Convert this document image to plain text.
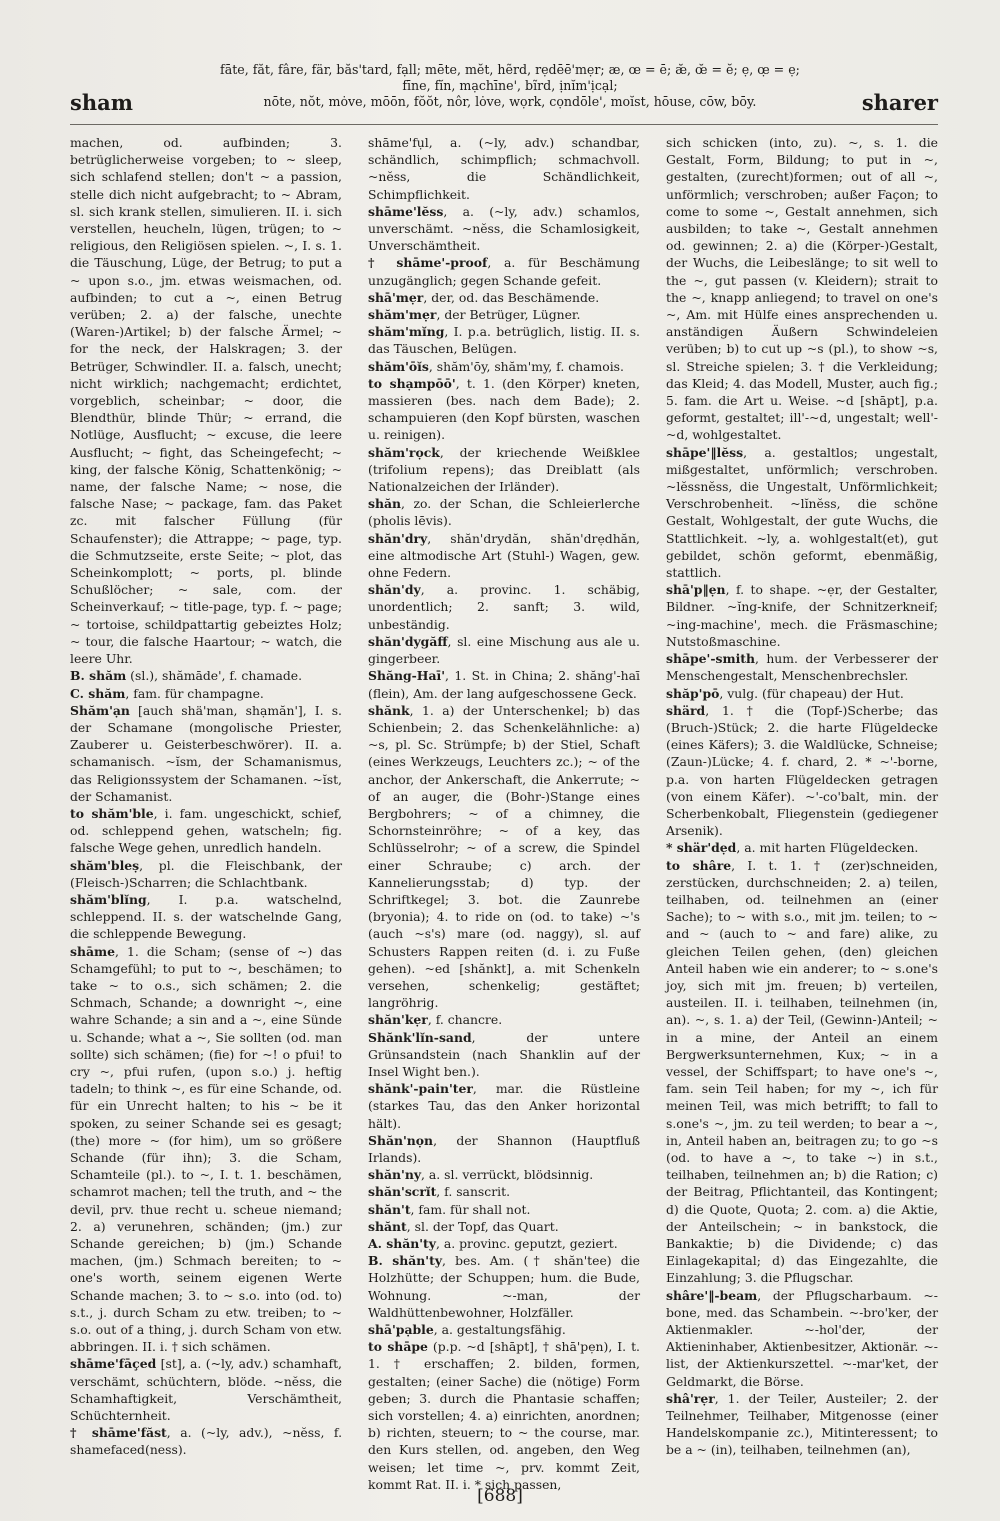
sham
fāte, făt, fâre, fär, băs'tard, fạll; mēte, mĕt, hẽrd, rẹdēē'mẹr; æ, œ = ē; æ̆, œ̆ = ĕ; ẹ, œ̣ = ẹ;
fīne, fĭn, mạchīne', bĩrd, ịnĭm'ịcạl;
nōte, nŏt, mȯve, mōōn, fŏŏt, nôr, lȯve, wọrk, cọndōle', moĭst, hōuse, cōw, bōy.	sharer

machen, od. aufbinden; 3. betrüglicherweise vorgeben; to ~ sleep, sich schlafend stellen; don't ~ a passion, stelle dich nicht aufgebracht; to ~ Abram, sl. sich krank stellen, simulieren. II. i. sich verstellen, heucheln, lügen, trügen; to ~ religious, den Religiösen spielen. ~, I. s. 1. die Täuschung, Lüge, der Betrug; to put a ~ upon s.o., jm. etwas weismachen, od. aufbinden; to cut a ~, einen Betrug verüben; 2. a) der falsche, unechte (Waren-)Artikel; b) der falsche Ärmel; ~ for the neck, der Halskragen; 3. der Betrüger, Schwindler. II. a. falsch, unecht; nicht wirklich; nachgemacht; erdichtet, vorgeblich, scheinbar; ~ door, die Blendthür, blinde Thür; ~ errand, die Notlüge, Ausflucht; ~ excuse, die leere Ausflucht; ~ fight, das Scheingefecht; ~ king, der falsche König, Schattenkönig; ~ name, der falsche Name; ~ nose, die falsche Nase; ~ package, fam. das Paket zc. mit falscher Füllung (für Schaufenster); die Attrappe; ~ page, typ. die Schmutzseite, erste Seite; ~ plot, das Scheinkomplott; ~ ports, pl. blinde Schußlöcher; ~ sale, com. der Scheinverkauf; ~ title-page, typ. f. ~ page; ~ tortoise, schildpattartig gebeiztes Holz; ~ tour, die falsche Haartour; ~ watch, die leere Uhr.

B. shăm (sl.), shămāde', f. chamade.

C. shăm, fam. für champagne.

Shăm'ạn [auch shä'man, shạmăn'], I. s. der Schamane (mongolische Priester, Zauberer u. Geisterbeschwörer). II. a. schamanisch. ~ĭsm, der Schamanismus, das Religionssystem der Schamanen. ~ĭst, der Schamanist.

to shăm'ble, i. fam. ungeschickt, schief, od. schleppend gehen, watscheln; fig. falsche Wege gehen, unredlich handeln.

shăm'bleṣ, pl. die Fleischbank, der (Fleisch-)Scharren; die Schlachtbank.

shăm'blĭng, I. p.a. watschelnd, schleppend. II. s. der watschelnde Gang, die schleppende Bewegung.

shāme, 1. die Scham; (sense of ~) das Schamgefühl; to put to ~, beschämen; to take ~ to o.s., sich schämen; 2. die Schmach, Schande; a downright ~, eine wahre Schande; a sin and a ~, eine Sünde u. Schande; what a ~, Sie sollten (od. man sollte) sich schämen; (fie) for ~! o pfui! to cry ~, pfui rufen, (upon s.o.) j. heftig tadeln; to think ~, es für eine Schande, od. für ein Unrecht halten; to his ~ be it spoken, zu seiner Schande sei es gesagt; (the) more ~ (for him), um so größere Schande (für ihn); 3. die Scham, Schamteile (pl.). to ~, I. t. 1. beschämen, schamrot machen; tell the truth, and ~ the devil, prv. thue recht u. scheue niemand; 2. a) verunehren, schänden; (jm.) zur Schande gereichen; b) (jm.) Schande machen, (jm.) Schmach bereiten; to ~ one's worth, seinem eigenen Werte Schande machen; 3. to ~ s.o. into (od. to) s.t., j. durch Scham zu etw. treiben; to ~ s.o. out of a thing, j. durch Scham von etw. abbringen. II. i. † sich schämen.

shāme'fāçed [st], a. (~ly, adv.) schamhaft, verschämt, schüchtern, blöde. ~nĕss, die Schamhaftigkeit, Verschämtheit, Schüchternheit.

† shāme'făst, a. (~ly, adv.), ~nĕss, f. shamefaced(ness).

shāme'fụl, a. (~ly, adv.) schandbar, schändlich, schimpflich; schmachvoll. ~nĕss, die Schändlichkeit, Schimpflichkeit.

shāme'lĕss, a. (~ly, adv.) schamlos, unverschämt. ~nĕss, die Schamlosigkeit, Unverschämtheit.

† shāme'-proof, a. für Beschämung unzugänglich; gegen Schande gefeit.

shā'mẹr, der, od. das Beschämende.

shăm'mẹr, der Betrüger, Lügner.

shăm'mĭng, I. p.a. betrüglich, listig. II. s. das Täuschen, Belügen.

shăm'ōĭs, shăm'ōy, shăm'my, f. chamois.

to shạmpōō', t. 1. (den Körper) kneten, massieren (bes. nach dem Bade); 2. schampuieren (den Kopf bürsten, waschen u. reinigen).

shăm'rọck, der kriechende Weißklee (trifolium repens); das Dreiblatt (als Nationalzeichen der Irländer).

shăn, zo. der Schan, die Schleierlerche (pholis lēvis).

shăn'dry, shăn'drydăn, shăn'drẹdhăn, eine altmodische Art (Stuhl-) Wagen, gew. ohne Federn.

shăn'dy, a. provinc. 1. schäbig, unordentlich; 2. sanft; 3. wild, unbeständig.

shăn'dygăff, sl. eine Mischung aus ale u. gingerbeer.

Shăng-Haī', 1. St. in China; 2. shăng'-haī (flein), Am. der lang aufgeschossene Geck.

shănk, 1. a) der Unterschenkel; b) das Schienbein; 2. das Schenkelähnliche: a) ~s, pl. Sc. Strümpfe; b) der Stiel, Schaft (eines Werkzeugs, Leuchters zc.); ~ of the anchor, der Ankerschaft, die Ankerrute; ~ of an auger, die (Bohr-)Stange eines Bergbohrers; ~ of a chimney, die Schornsteinröhre; ~ of a key, das Schlüsselrohr; ~ of a screw, die Spindel einer Schraube; c) arch. der Kannelierungsstab; d) typ. der Schriftkegel; 3. bot. die Zaunrebe (bryonia); 4. to ride on (od. to take) ~'s (auch ~s's) mare (od. naggy), sl. auf Schusters Rappen reiten (d. i. zu Fuße gehen). ~ed [shănkt], a. mit Schenkeln versehen, schenkelig; gestäftet; langröhrig.

shăn'kẹr, f. chancre.

Shănk'lĭn-sand, der untere Grünsandstein (nach Shanklin auf der Insel Wight ben.).

shănk'-pain'ter, mar. die Rüstleine (starkes Tau, das den Anker horizontal hält).

Shăn'nọn, der Shannon (Hauptfluß Irlands).

shăn'ny, a. sl. verrückt, blödsinnig.

shăn'scrĭt, f. sanscrit.

shăn't, fam. für shall not.

shănt, sl. der Topf, das Quart.

A. shăn'ty, a. provinc. geputzt, geziert.

B. shăn'ty, bes. Am. († shăn'tee) die Holzhütte; der Schuppen; hum. die Bude, Wohnung. ~-man, der Waldhüttenbewohner, Holzfäller.

shā'pạble, a. gestaltungsfähig.

to shāpe (p.p. ~d [shāpt], † shā'pẹn), I. t. 1. † erschaffen; 2. bilden, formen, gestalten; (einer Sache) die (nötige) Form geben; 3. durch die Phantasie schaffen; sich vorstellen; 4. a) einrichten, anordnen; b) richten, steuern; to ~ the course, mar. den Kurs stellen, od. angeben, den Weg weisen; let time ~, prv. kommt Zeit, kommt Rat. II. i. * sich passen,

sich schicken (into, zu). ~, s. 1. die Gestalt, Form, Bildung; to put in ~, gestalten, (zurecht)formen; out of all ~, unförmlich; verschroben; außer Façon; to come to some ~, Gestalt annehmen, sich ausbilden; to take ~, Gestalt annehmen od. gewinnen; 2. a) die (Körper-)Gestalt, der Wuchs, die Leibeslänge; to sit well to the ~, gut passen (v. Kleidern); strait to the ~, knapp anliegend; to travel on one's ~, Am. mit Hülfe eines ansprechenden u. anständigen Äußern Schwindeleien verüben; b) to cut up ~s (pl.), to show ~s, sl. Streiche spielen; 3. † die Verkleidung; das Kleid; 4. das Modell, Muster, auch fig.; 5. fam. die Art u. Weise. ~d [shāpt], p.a. geformt, gestaltet; ill'-~d, ungestalt; well'-~d, wohlgestaltet.

shāpe'‖lĕss, a. gestaltlos; ungestalt, mißgestaltet, unförmlich; verschroben. ~lĕssnĕss, die Ungestalt, Unförmlichkeit; Verschrobenheit. ~lĭnĕss, die schöne Gestalt, Wohlgestalt, der gute Wuchs, die Stattlichkeit. ~ly, a. wohlgestalt(et), gut gebildet, schön geformt, ebenmäßig, stattlich.

shā'p‖ẹn, f. to shape. ~ẹr, der Gestalter, Bildner. ~ĭng-knife, der Schnitzerkneif; ~ing-machine', mech. die Fräsmaschine; Nutstoßmaschine.

shāpe'-smith, hum. der Verbesserer der Menschengestalt, Menschenbrechsler.

shăp'pō, vulg. (für chapeau) der Hut.

shärd, 1. † die (Topf-)Scherbe; das (Bruch-)Stück; 2. die harte Flügeldecke (eines Käfers); 3. die Waldlücke, Schneise; (Zaun-)Lücke; 4. f. chard, 2. * ~'-borne, p.a. von harten Flügeldecken getragen (von einem Käfer). ~'-co'balt, min. der Scherbenkobalt, Fliegenstein (gediegener Arsenik).

* shär'dẹd, a. mit harten Flügeldecken.

to shâre, I. t. 1. † (zer)schneiden, zerstücken, durchschneiden; 2. a) teilen, teilhaben, od. teilnehmen an (einer Sache); to ~ with s.o., mit jm. teilen; to ~ and ~ (auch to ~ and fare) alike, zu gleichen Teilen gehen, (den) gleichen Anteil haben wie ein anderer; to ~ s.one's joy, sich mit jm. freuen; b) verteilen, austeilen. II. i. teilhaben, teilnehmen (in, an). ~, s. 1. a) der Teil, (Gewinn-)Anteil; ~ in a mine, der Anteil an einem Bergwerksunternehmen, Kux; ~ in a vessel, der Schiffspart; to have one's ~, fam. sein Teil haben; for my ~, ich für meinen Teil, was mich betrifft; to fall to s.one's ~, jm. zu teil werden; to bear a ~, in, Anteil haben an, beitragen zu; to go ~s (od. to have a ~, to take ~) in s.t., teilhaben, teilnehmen an; b) die Ration; c) der Beitrag, Pflichtanteil, das Kontingent; d) die Quote, Quota; 2. com. a) die Aktie, der Anteilschein; ~ in bankstock, die Bankaktie; b) die Dividende; c) das Einlagekapital; d) das Eingezahlte, die Einzahlung; 3. die Pflugschar.

shâre'‖-beam, der Pflugscharbaum. ~-bone, med. das Schambein. ~-bro'ker, der Aktienmakler. ~-hol'der, der Aktieninhaber, Aktienbesitzer, Aktionär. ~-list, der Aktienkurszettel. ~-mar'ket, der Geldmarkt, die Börse.

shâ'rẹr, 1. der Teiler, Austeiler; 2. der Teilnehmer, Teilhaber, Mitgenosse (einer Handelskompanie zc.), Mitinteressent; to be a ~ (in), teilhaben, teilnehmen (an),

[688]
